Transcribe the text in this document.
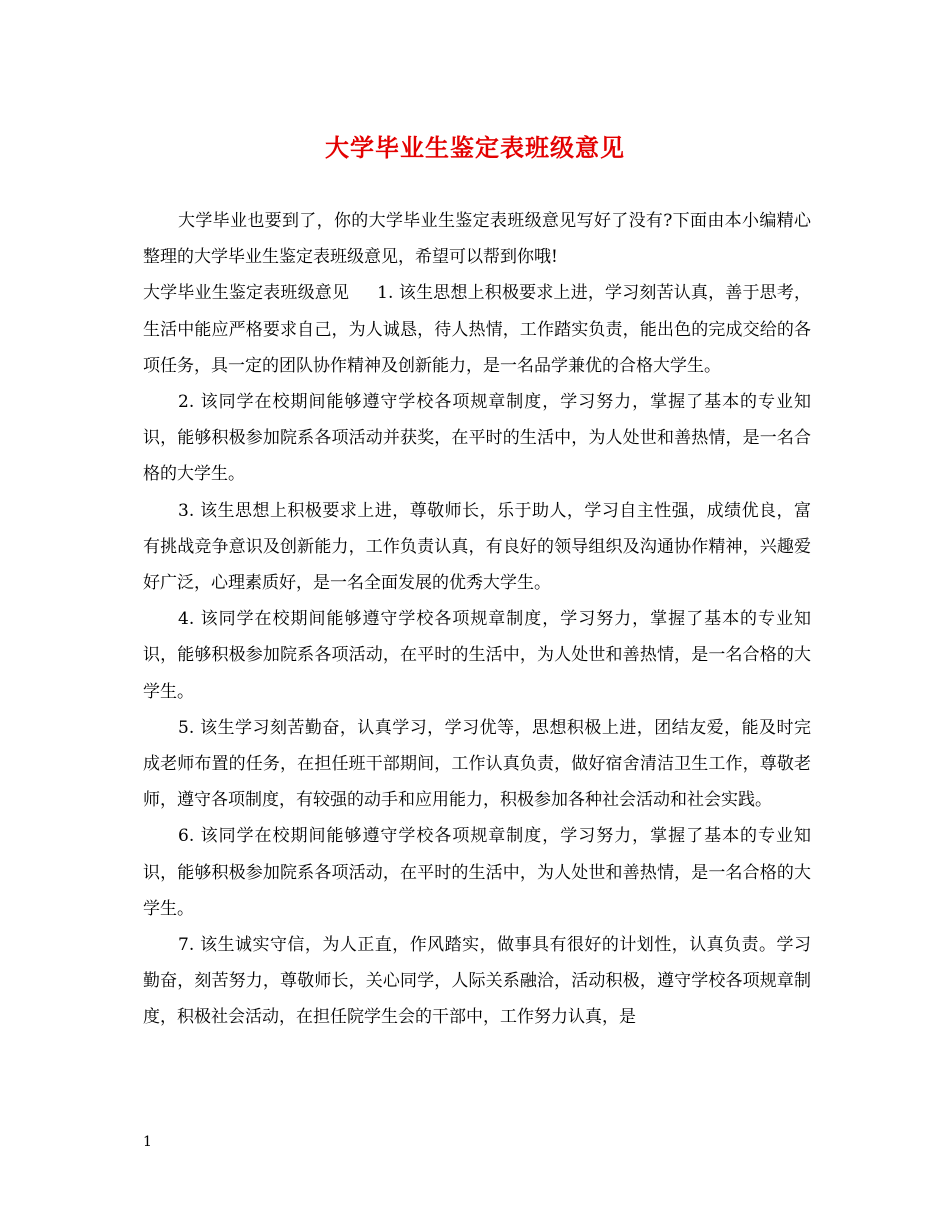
大学毕业生鉴定表班级意见

大学毕业也要到了，你的大学毕业生鉴定表班级意见写好了没有?下面由本小编精心整理的大学毕业生鉴定表班级意见，希望可以帮到你哦!

大学毕业生鉴定表班级意见 1. 该生思想上积极要求上进，学习刻苦认真，善于思考，生活中能应严格要求自己，为人诚恳，待人热情，工作踏实负责，能出色的完成交给的各项任务，具一定的团队协作精神及创新能力，是一名品学兼优的合格大学生。

2. 该同学在校期间能够遵守学校各项规章制度，学习努力，掌握了基本的专业知识，能够积极参加院系各项活动并获奖，在平时的生活中，为人处世和善热情，是一名合格的大学生。

3. 该生思想上积极要求上进，尊敬师长，乐于助人，学习自主性强，成绩优良，富有挑战竞争意识及创新能力，工作负责认真，有良好的领导组织及沟通协作精神，兴趣爱好广泛，心理素质好，是一名全面发展的优秀大学生。

4. 该同学在校期间能够遵守学校各项规章制度，学习努力，掌握了基本的专业知识，能够积极参加院系各项活动，在平时的生活中，为人处世和善热情，是一名合格的大学生。

5. 该生学习刻苦勤奋，认真学习，学习优等，思想积极上进，团结友爱，能及时完成老师布置的任务，在担任班干部期间，工作认真负责，做好宿舍清洁卫生工作，尊敬老师，遵守各项制度，有较强的动手和应用能力，积极参加各种社会活动和社会实践。

6. 该同学在校期间能够遵守学校各项规章制度，学习努力，掌握了基本的专业知识，能够积极参加院系各项活动，在平时的生活中，为人处世和善热情，是一名合格的大学生。

7. 该生诚实守信，为人正直，作风踏实，做事具有很好的计划性，认真负责。学习勤奋，刻苦努力，尊敬师长，关心同学，人际关系融洽，活动积极，遵守学校各项规章制度，积极社会活动，在担任院学生会的干部中，工作努力认真，是

1
